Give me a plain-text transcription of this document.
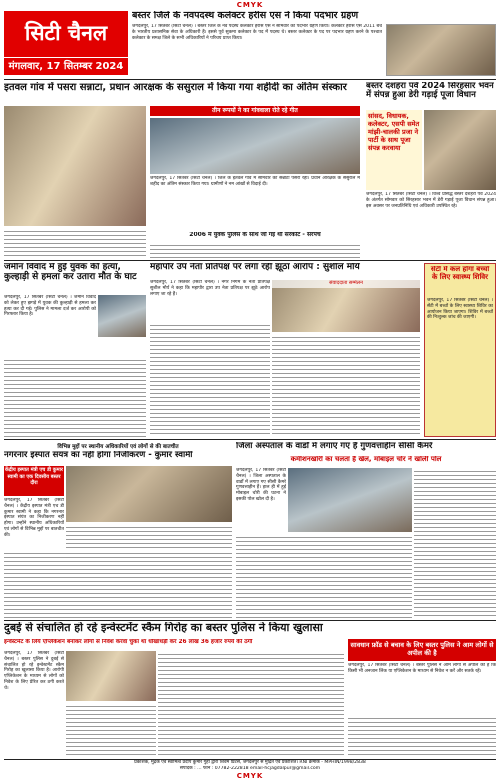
CMYK
सिटी चैनल
मंगलवार, 17 सितम्बर 2024
बस्तर जिले के नवपदस्थ कलेक्टर हरीस एस ने किया पदभार ग्रहण
जगदलपुर, 17 सितंबर (सिटी चैनल) । बस्तर जिले के नव पदस्थ कलेक्टर हरीस एस ने सोमवार को पदभार ग्रहण किया। कलेक्टर हरीस एस 2011 बैच के भारतीय प्रशासनिक सेवा के अधिकारी हैं। इससे पूर्व सुकमा कलेक्टर के पद में पदस्थ थे। बस्तर कलेक्टर के पद पर पदभार ग्रहण करने के पश्चात कलेक्टर के समक्ष जिले के सभी अधिकारियों ने परिचय प्राप्त किया।
इतवल गांव में पसरा सन्नाटा, प्रधान आरक्षक के ससुराल में किया गया शहीदी का अंतिम संस्कार
तीन रूपयों ने का गांववाला रोते रहे गीत
जगदलपुर, 17 सितंबर (सिटी चैनल) । जिले के इतवल गांव में सोमवार को सन्नाटा पसरा रहा। प्रधान आरक्षक के ससुराल में शहीद का अंतिम संस्कार किया गया। ग्रामीणों ने नम आंखों से विदाई दी।
2006 में युवक पुलिस के साथ जो गई थी सरकोट - सरपंच
बस्तर दशहरा पर्व 2024 सिरहसार भवन में संपन्न हुआ डेरी गड़ाई पूजा विधान
सांसद, विधायक, कलेक्टर, एसपी समेत मांझी-चालकी प्रजा ने पार्टी के साथ पूजा संपन्न करवाया
जगदलपुर, 17 सितंबर (सिटी चैनल) । विश्व प्रसिद्ध बस्तर दशहरा पर्व 2024 के अंतर्गत सोमवार को सिरहसार भवन में डेरी गड़ाई पूजा विधान संपन्न हुआ। इस अवसर पर जनप्रतिनिधि एवं अधिकारी उपस्थित रहे।
जमीन विवाद में हुई युवक की हत्या, कुल्हाड़ी से हमला कर उतारा मौत के घाट
जगदलपुर, 17 सितंबर (सिटी चैनल) । जमीन विवाद को लेकर हुए झगड़े में युवक की कुल्हाड़ी से हमला कर हत्या कर दी गई। पुलिस ने मामला दर्ज कर आरोपी को गिरफ्तार किया है।
महापौर उप नेता प्रतिपक्ष पर लगा रही झूठा आरोप : सुशील मौर्य
जगदलपुर, 17 सितंबर (सिटी चैनल) । नगर निगम के नेता प्रतिपक्ष सुशील मौर्य ने कहा कि महापौर द्वारा उप नेता प्रतिपक्ष पर झूठे आरोप लगाए जा रहे हैं।
संवाददाता सम्मेलन
सेंटी में कल होगा बच्चों के लिए स्वास्थ्य शिविर
जगदलपुर, 17 सितंबर (सिटी चैनल) । सेंटी में बच्चों के लिए स्वास्थ्य शिविर का आयोजन किया जाएगा। शिविर में बच्चों की निःशुल्क जांच की जाएगी।
विभिन्न मुद्दों पर स्थानीय अधिकारियों एवं लोगों से की बातचीत
नगरनार इस्पात संयंत्र का नहीं होगा निजीकरण - कुमार स्वामी
केंद्रीय इस्पात मंत्री एच डी कुमार स्वामी का एक दिवसीय बस्तर दौरा
जगदलपुर, 17 सितंबर (सिटी चैनल) । केंद्रीय इस्पात मंत्री एच डी कुमार स्वामी ने कहा कि नगरनार इस्पात संयंत्र का निजीकरण नहीं होगा। उन्होंने स्थानीय अधिकारियों एवं लोगों से विभिन्न मुद्दों पर बातचीत की।
जिला अस्पताल के वार्डों में लगाए गए हैं गुणवत्ताहीन सीसी कैमरे
कमीशनखोरी का चलता है खेल, मोबाइल चोर ने खोली पोल
जगदलपुर, 17 सितंबर (सिटी चैनल) । जिला अस्पताल के वार्डों में लगाए गए सीसी कैमरे गुणवत्ताहीन हैं। हाल ही में हुई मोबाइल चोरी की घटना ने इसकी पोल खोल दी है।
दुबई से संचालित हो रहे इन्वेस्टमेंट स्कैम गिरोह का बस्तर पुलिस ने किया खुलासा
इन्वेस्टमेंट के लिये एप्लिकेशन बनाकर लोगों से निवेश करवा चुका था धोखाधड़ी कर 26 लाख 36 हजार रुपये की ठगी
जगदलपुर, 17 सितंबर (सिटी चैनल) । बस्तर पुलिस ने दुबई से संचालित हो रहे इन्वेस्टमेंट स्कैम गिरोह का खुलासा किया है। आरोपी एप्लिकेशन के माध्यम से लोगों को निवेश के लिए प्रेरित कर ठगी करते थे।
सावधान फ्रॉड से बचाव के लिए बस्तर पुलिस ने आम लोगों से अपील की है
जगदलपुर, 17 सितंबर (सिटी चैनल) । बस्तर पुलिस ने आम लोगों से अपील की है कि किसी भी अनजान लिंक या एप्लिकेशन के माध्यम से निवेश न करें और सतर्क रहें।
प्रकाशक, मुद्रक एवं स्वामित्व प्रदीप कुमार गुहा द्वारा शिवम प्रिंटर्स, जगदलपुर से मुद्रित एवं प्रकाशित। RNI क्रमांक - MPHIN/1998/2838
संपादक : ... फोन : 07782-222818 email-hcjagdalpur@gmail.com
CMYK
